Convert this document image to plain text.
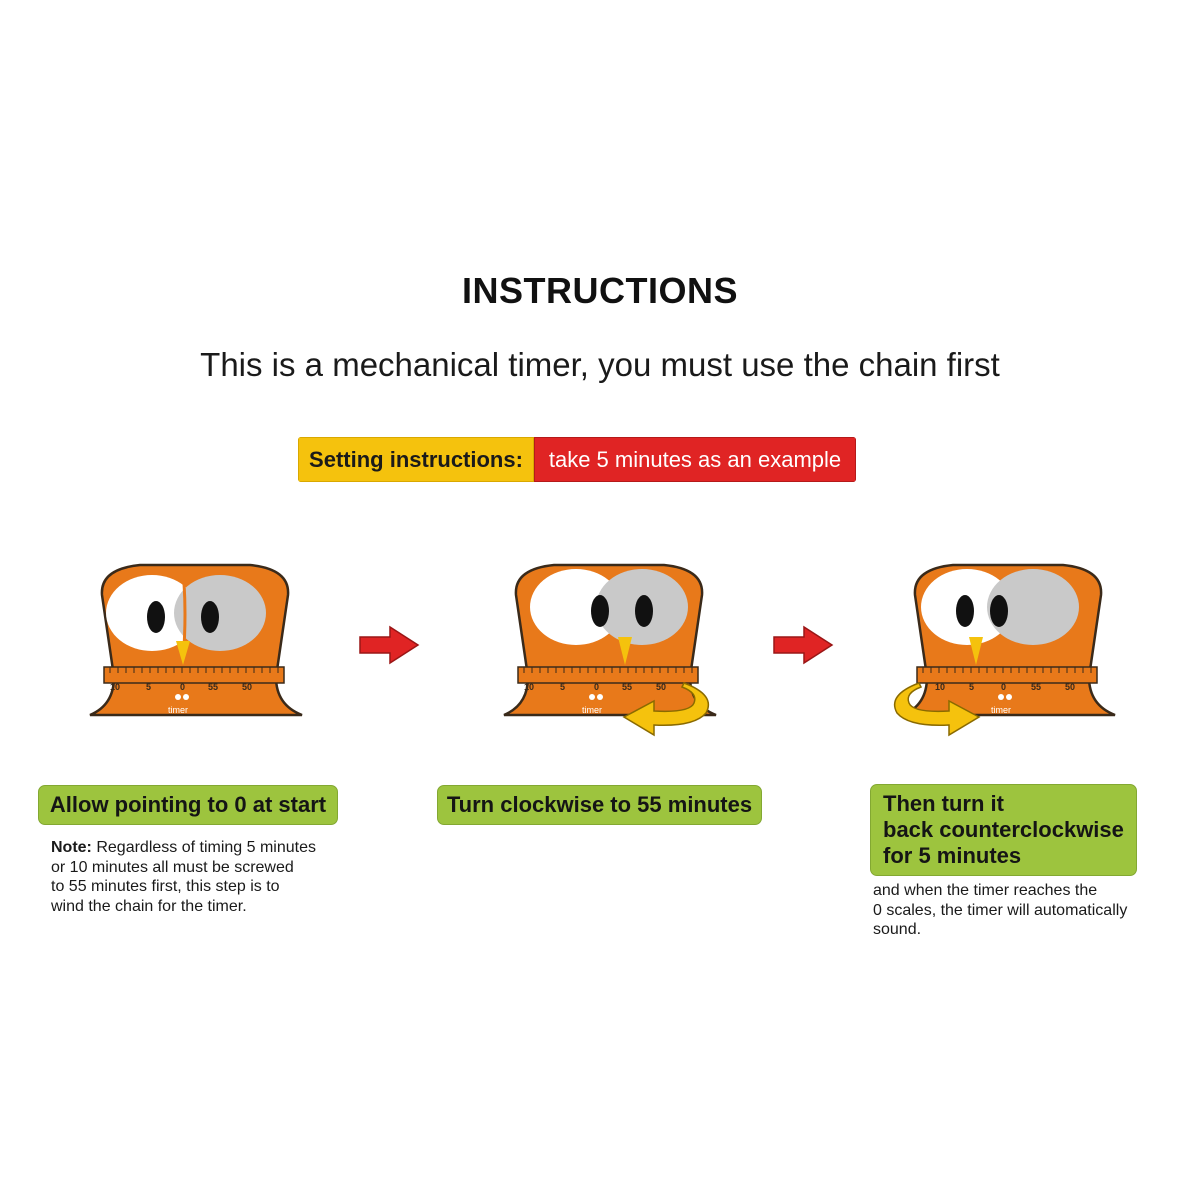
INSTRUCTIONS
This is a mechanical timer, you must use the chain first
Setting instructions:	take 5 minutes as an example
10	5	0	55	50
timer
10	5	0	55	50
timer
10	5	0	55	50
timer
Allow pointing to 0 at start	Turn clockwise to 55 minutes	Then turn it
back counterclockwise
for 5 minutes
Note: Regardless of timing 5 minutes
or 10 minutes all must be screwed
to 55 minutes first, this step is to
wind the chain for the timer.
and when the timer reaches the
0 scales, the timer will automatically
sound.
